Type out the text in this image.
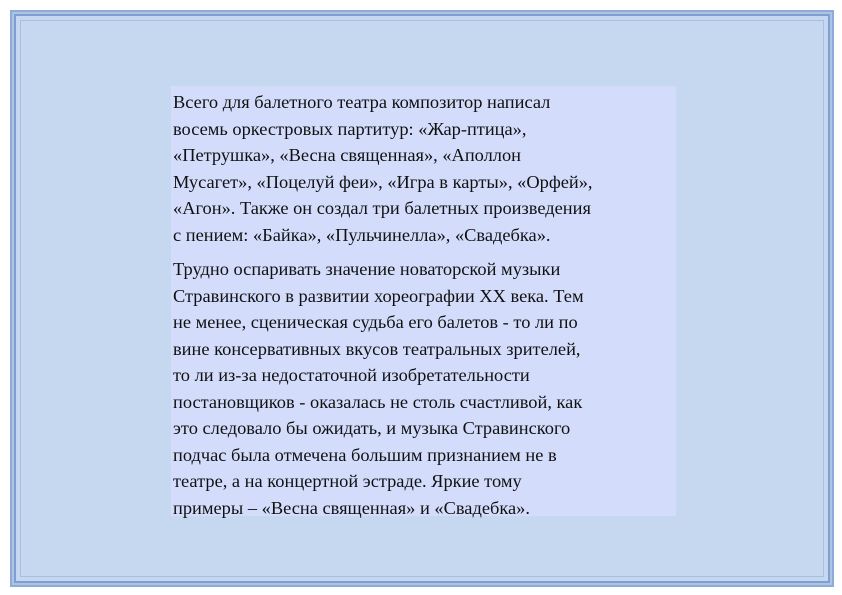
Всего для балетного театра композитор написал
восемь оркестровых партитур: «Жар-птица»,
«Петрушка», «Весна священная», «Аполлон
Мусагет», «Поцелуй феи», «Игра в карты», «Орфей»,
«Агон». Также он создал три балетных произведения
с пением: «Байка», «Пульчинелла», «Свадебка».

Трудно оспаривать значение новаторской музыки
Стравинского в развитии хореографии XX века. Тем
не менее, сценическая судьба его балетов - то ли по
вине консервативных вкусов театральных зрителей,
то ли из-за недостаточной изобретательности
постановщиков - оказалась не столь счастливой, как
это следовало бы ожидать, и музыка Стравинского
подчас была отмечена большим признанием не в
театре, а на концертной эстраде. Яркие тому
примеры – «Весна священная» и «Свадебка».
